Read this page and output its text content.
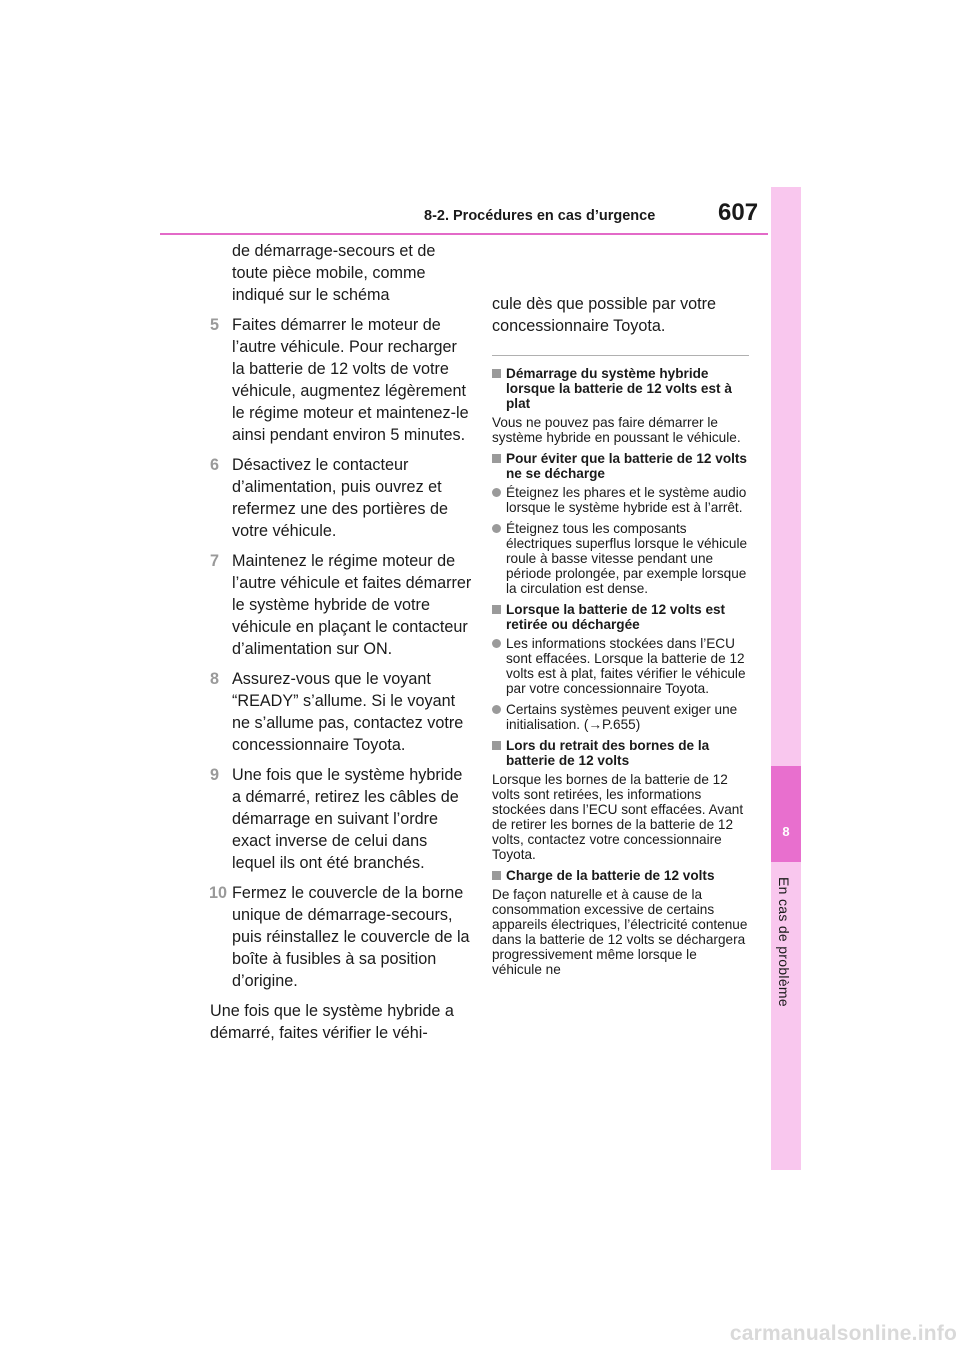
8-2. Procédures en cas d’urgence	607
8
En cas de problème

de démarrage-secours et de toute pièce mobile, comme indiqué sur le schéma

5 Faites démarrer le moteur de l’autre véhicule. Pour recharger la batterie de 12 volts de votre véhicule, augmentez légèrement le régime moteur et maintenez-le ainsi pendant environ 5 minutes.
6 Désactivez le contacteur d’alimentation, puis ouvrez et refermez une des portières de votre véhicule.
7 Maintenez le régime moteur de l’autre véhicule et faites démarrer le système hybride de votre véhicule en plaçant le contacteur d’alimentation sur ON.
8 Assurez-vous que le voyant “READY” s’allume. Si le voyant ne s’allume pas, contactez votre concessionnaire Toyota.
9 Une fois que le système hybride a démarré, retirez les câbles de démarrage en suivant l’ordre exact inverse de celui dans lequel ils ont été branchés.
10 Fermez le couvercle de la borne unique de démarrage-secours, puis réinstallez le couvercle de la boîte à fusibles à sa position d’origine.

Une fois que le système hybride a démarré, faites vérifier le véhi-

cule dès que possible par votre concessionnaire Toyota.

Démarrage du système hybride lorsque la batterie de 12 volts est à plat

Vous ne pouvez pas faire démarrer le système hybride en poussant le véhicule.

Pour éviter que la batterie de 12 volts ne se décharge
Éteignez les phares et le système audio lorsque le système hybride est à l’arrêt.
Éteignez tous les composants électriques superflus lorsque le véhicule roule à basse vitesse pendant une période prolongée, par exemple lorsque la circulation est dense.
Lorsque la batterie de 12 volts est retirée ou déchargée
Les informations stockées dans l’ECU sont effacées. Lorsque la batterie de 12 volts est à plat, faites vérifier le véhicule par votre concessionnaire Toyota.
Certains systèmes peuvent exiger une initialisation. (→P.655)
Lors du retrait des bornes de la batterie de 12 volts

Lorsque les bornes de la batterie de 12 volts sont retirées, les informations stockées dans l’ECU sont effacées. Avant de retirer les bornes de la batterie de 12 volts, contactez votre concessionnaire Toyota.

Charge de la batterie de 12 volts

De façon naturelle et à cause de la consommation excessive de certains appareils électriques, l’électricité contenue dans la batterie de 12 volts se déchargera progressivement même lorsque le véhicule ne

carmanualsonline.info
